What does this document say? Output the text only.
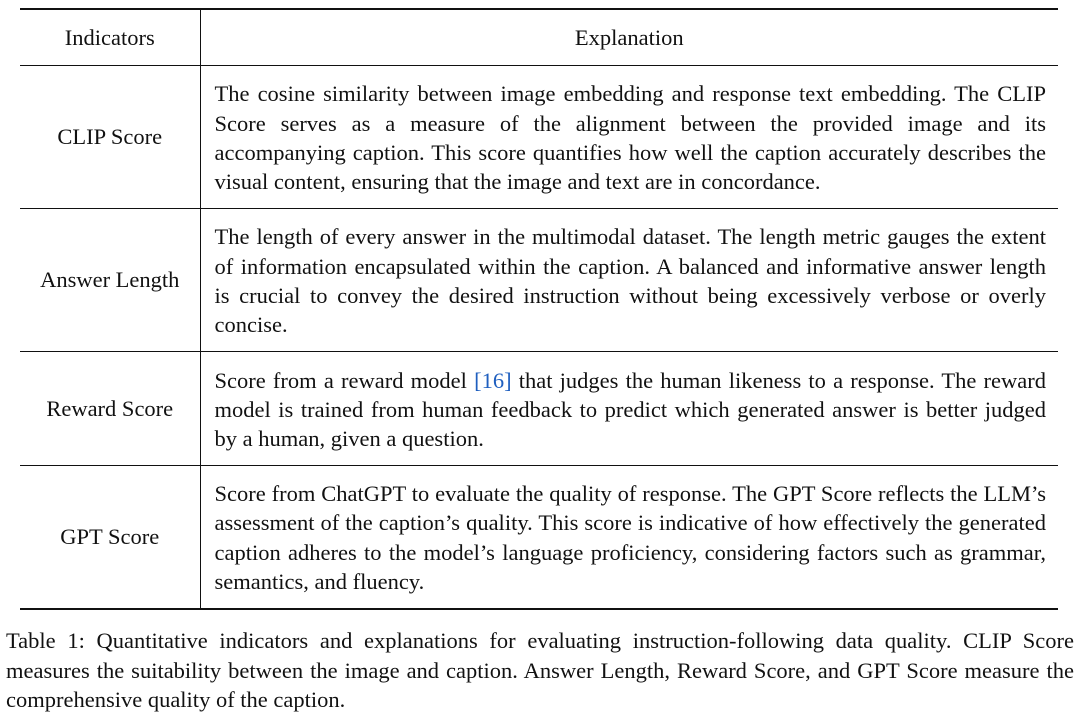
Indicators	Explanation
CLIP Score	The cosine similarity between image embedding and response text embedding. The CLIP Score serves as a measure of the alignment between the provided image and its accompanying caption. This score quantifies how well the caption accurately describes the visual content, ensuring that the image and text are in concordance.
Answer Length	The length of every answer in the multimodal dataset. The length metric gauges the extent of information encapsulated within the caption. A balanced and informative answer length is crucial to convey the desired instruction without being excessively verbose or overly concise.
Reward Score	Score from a reward model [16] that judges the human likeness to a response. The reward model is trained from human feedback to predict which generated answer is better judged by a human, given a question.
GPT Score	Score from ChatGPT to evaluate the quality of response. The GPT Score reflects the LLM’s assessment of the caption’s quality. This score is indicative of how effectively the generated caption adheres to the model’s language proficiency, considering factors such as grammar, semantics, and fluency.

Table 1: Quantitative indicators and explanations for evaluating instruction-following data quality. CLIP Score measures the suitability between the image and caption. Answer Length, Reward Score, and GPT Score measure the comprehensive quality of the caption.
